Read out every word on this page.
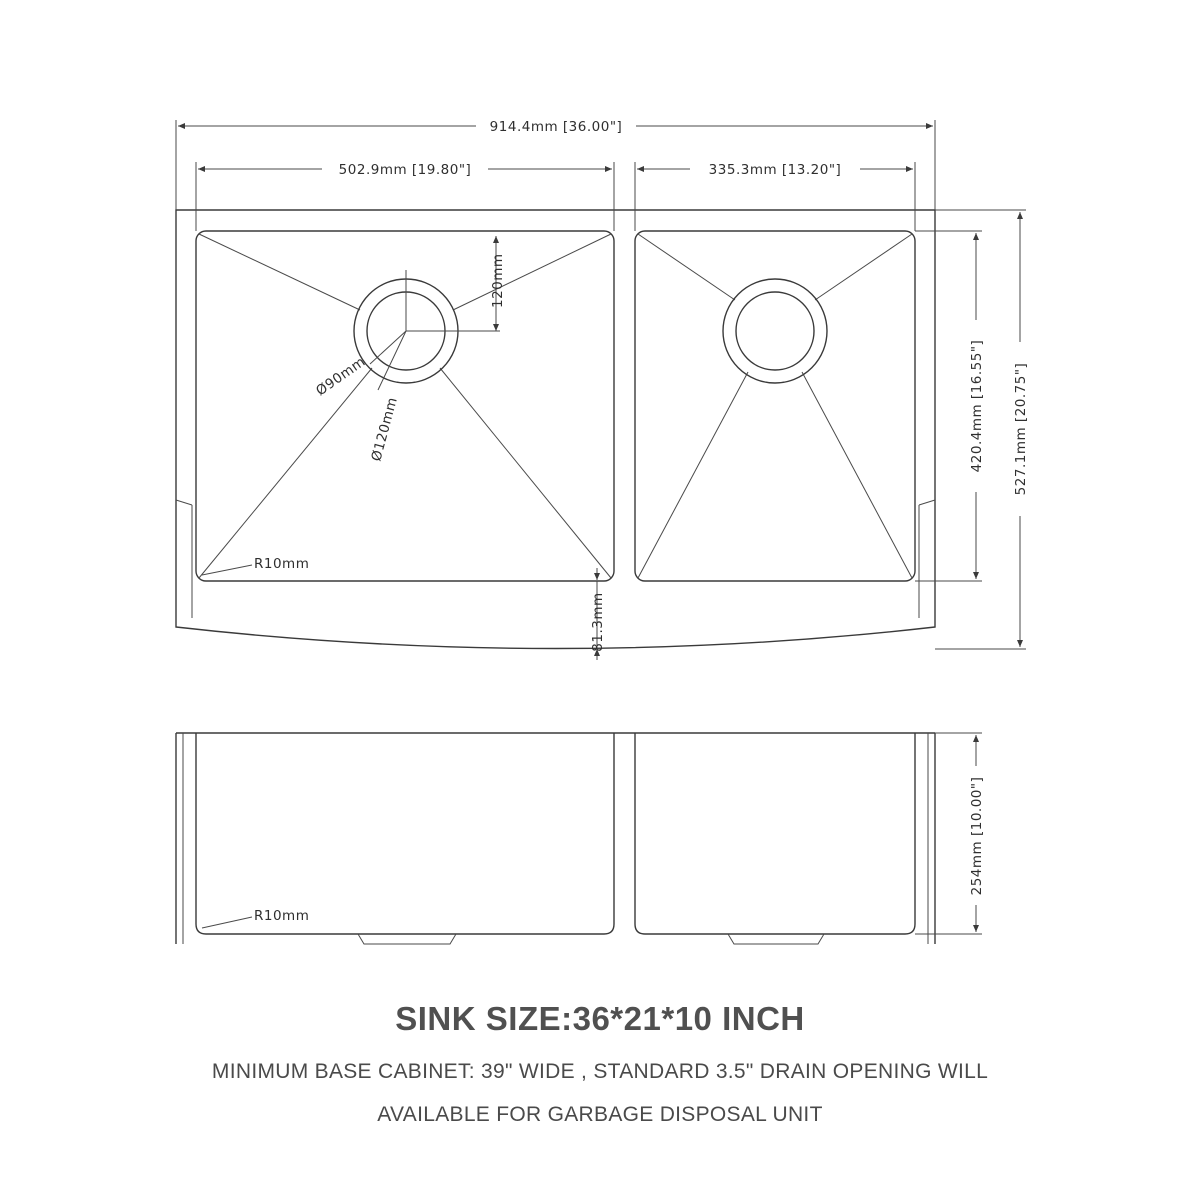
120mm
Ø90mm
Ø120mm
R10mm
914.4mm [36.00"]
502.9mm [19.80"]	335.3mm [13.20"]
420.4mm [16.55"] 527.1mm [20.75"]
81.3mm
R10mm
254mm [10.00"]
SINK SIZE:36*21*10 INCH
MINIMUM BASE CABINET: 39" WIDE , STANDARD 3.5" DRAIN OPENING WILL
AVAILABLE FOR GARBAGE DISPOSAL UNIT
